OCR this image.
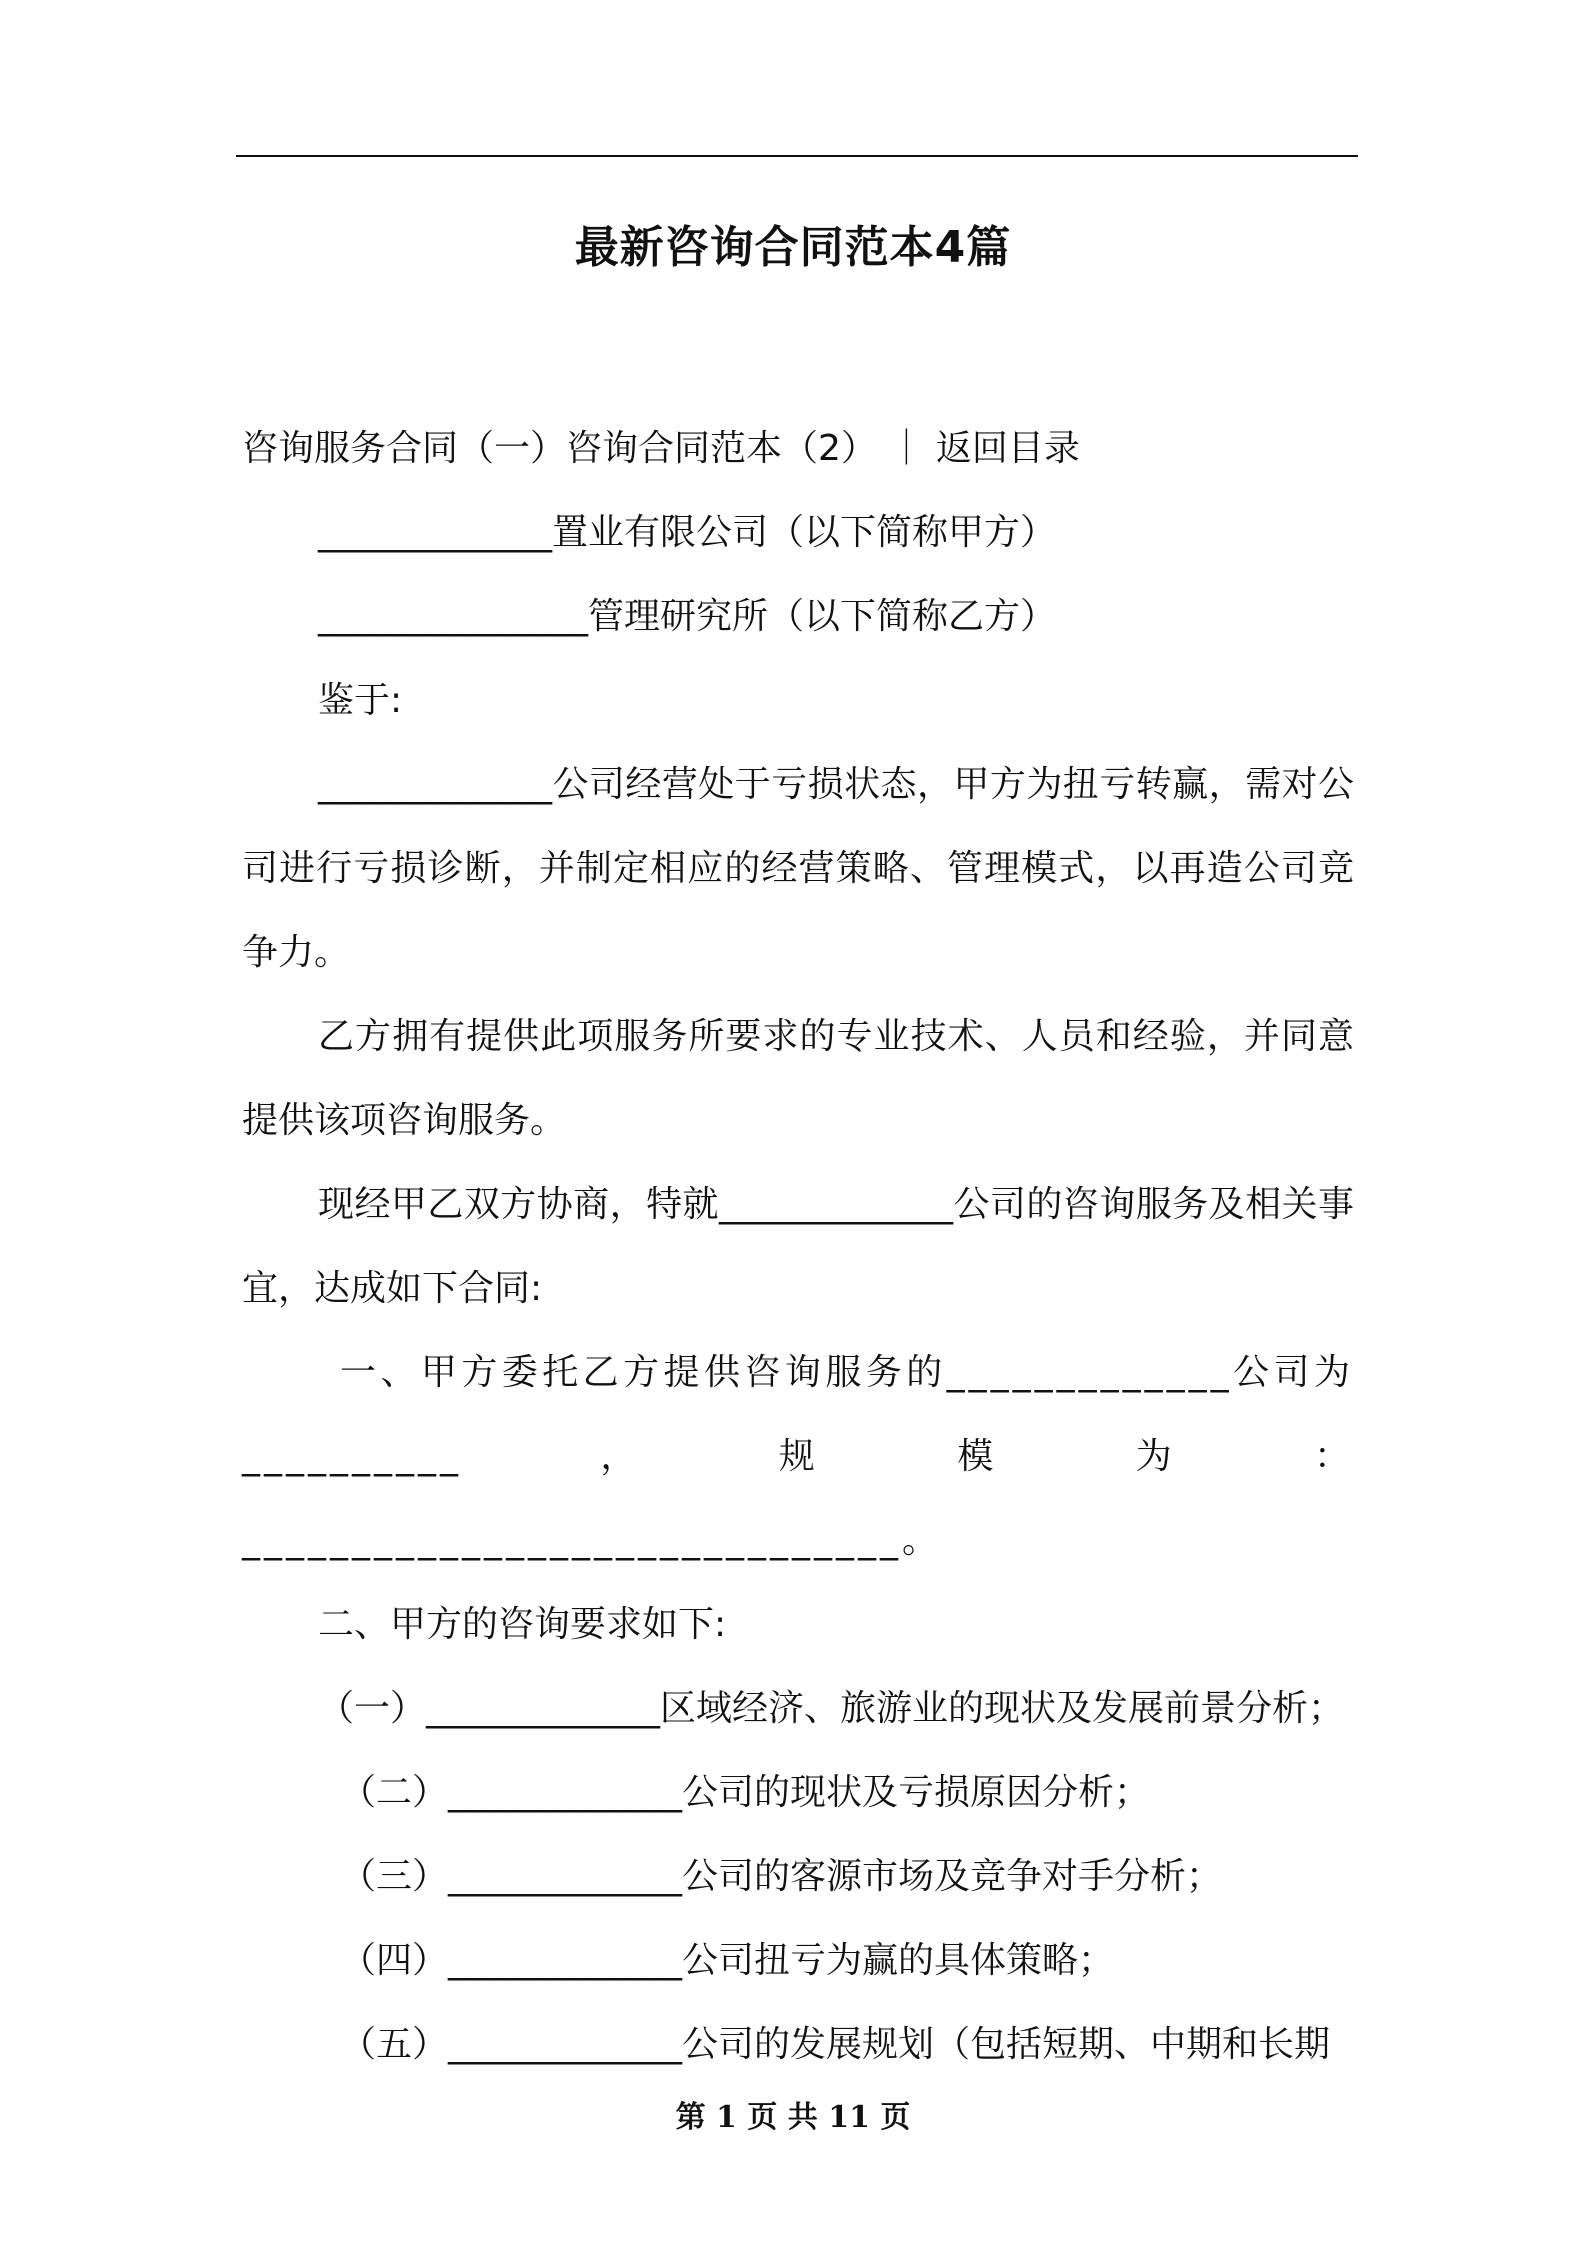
最新咨询合同范本4篇

咨询服务合同（一）咨询合同范本（2） ｜ 返回目录

_____________置业有限公司（以下简称甲方）

_______________管理研究所（以下简称乙方）

鉴于:

_____________公司经营处于亏损状态，甲方为扭亏转赢，需对公司进行亏损诊断，并制定相应的经营策略、管理模式，以再造公司竞争力。

乙方拥有提供此项服务所要求的专业技术、人员和经验，并同意提供该项咨询服务。

现经甲乙双方协商，特就_____________公司的咨询服务及相关事宜，达成如下合同:

一、甲方委托乙方提供咨询服务的_____________公司为__________，规模为：______________________________。

二、甲方的咨询要求如下:

（一）_____________区域经济、旅游业的现状及发展前景分析；

（二）_____________公司的现状及亏损原因分析；

（三）_____________公司的客源市场及竞争对手分析；

（四）_____________公司扭亏为赢的具体策略；

（五）_____________公司的发展规划（包括短期、中期和长期

第 1 页 共 11 页
